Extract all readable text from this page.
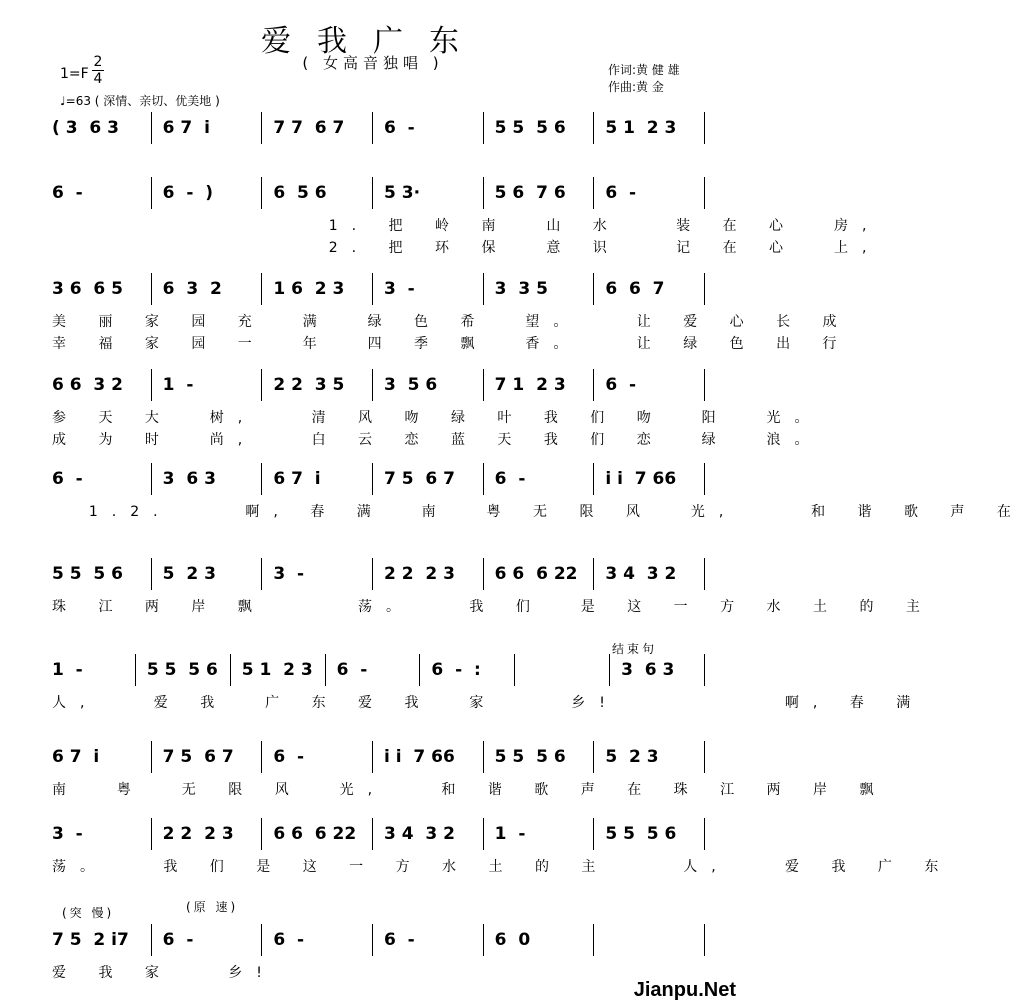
爱我广东
( 女高音独唱 )
1=F
2
4
♩=63 ( 深情、亲切、优美地 )
作词:黄 健 雄
作曲:黄 金
( 3  6 3	6 7  i	7 7  6 7 6  -	5 5  5 6 5 1  2 3
6  -	6  -  )	6  5 6	5 3·	5 6  7 6 6  -
1. 把 岭 南  山 水   装 在 心  房,
2. 把 环 保  意 识   记 在 心  上,
3 6  6 5 6  3  2	1 6  2 3 3  -	3  3 5	6  6  7
美 丽 家 园 充  满  绿 色 希  望。   让 爱 心 长 成
幸 福 家 园 一  年  四 季 飘  香。   让 绿 色 出 行
6 6  3 2 1  -	2 2  3 5 3  5 6	7 1  2 3 6  -
参 天 大  树,   清 风 吻 绿 叶 我 们 吻  阳  光。
成 为 时  尚,   白 云 恋 蓝 天 我 们 恋  绿  浪。
6  -	3  6 3	6 7  i	7 5  6 7 6  -	i i  7 66
1.2.    啊, 春 满  南  粤 无 限 风  光,    和 谐 歌 声 在
5 5  5 6 5  2 3	3  -	2 2  2 3 6 6  6 22 3 4  3 2
珠 江 两 岸 飘     荡。   我 们  是 这 一 方 水 土 的 主
1  -	5 5  5 6 5 1  2 3 6  -	6  -  :	3  6 3
人,   爱 我  广 东 爱 我  家    乡!         啊, 春 满
6 7  i	7 5  6 7 6  -	i i  7 66 5 5  5 6 5  2 3
南  粤  无 限 风  光,   和 谐 歌 声 在 珠 江 两 岸 飘
3  -	2 2  2 3 6 6  6 22 3 4  3 2 1  -	5 5  5 6
荡。   我 们 是 这 一 方 水 土 的 主    人,   爱 我 广 东
7 5  2 i7 6  -	6  -	6  -	6  0
爱 我 家   乡!
结束句
(突 慢)	(原 速)
Jianpu.Net
